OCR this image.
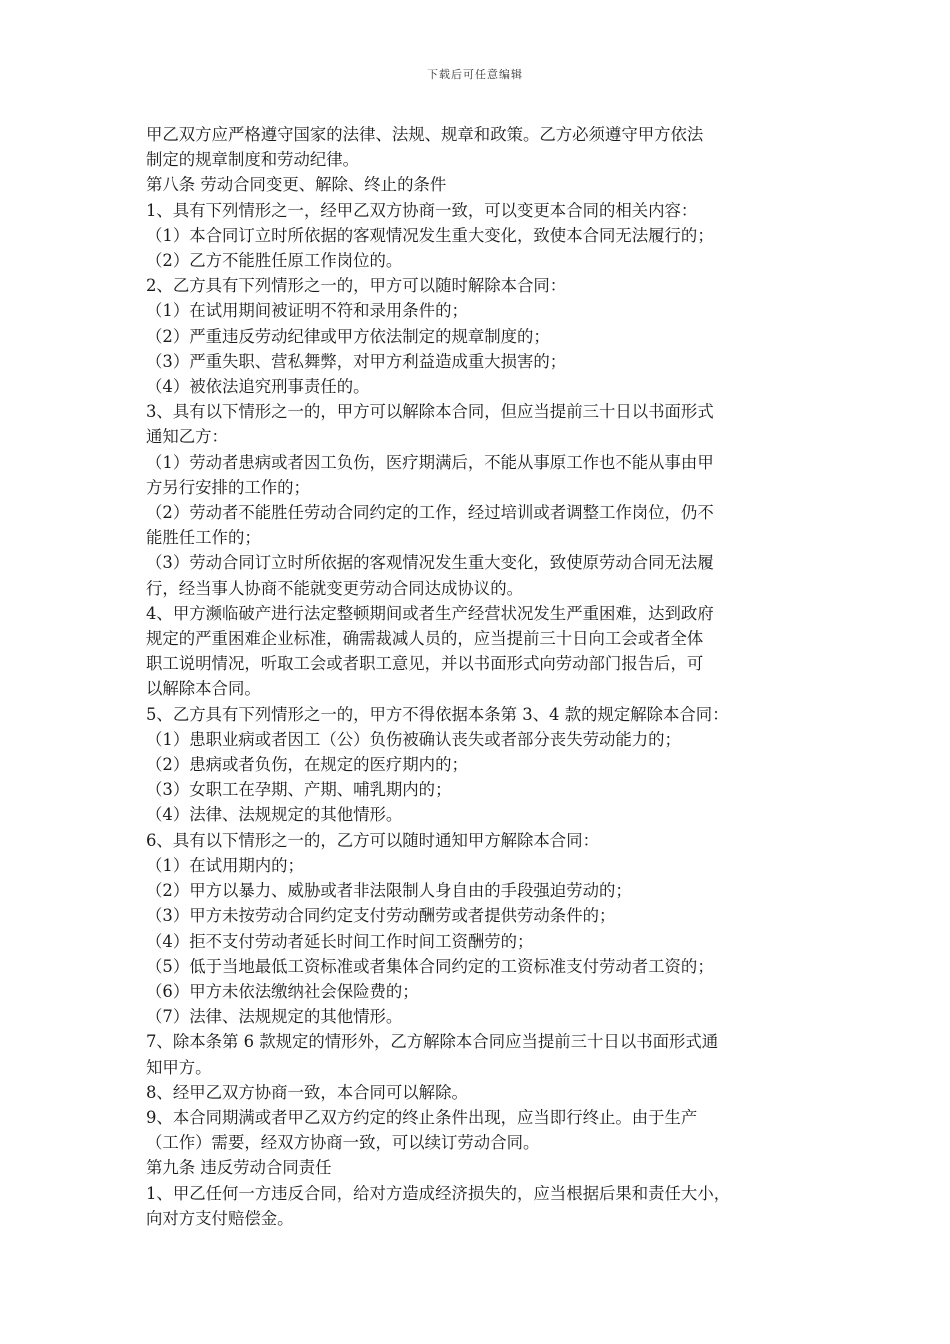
下载后可任意编辑
甲乙双方应严格遵守国家的法律、法规、规章和政策。乙方必须遵守甲方依法
制定的规章制度和劳动纪律。
第八条 劳动合同变更、解除、终止的条件
1、具有下列情形之一，经甲乙双方协商一致，可以变更本合同的相关内容：
（1）本合同订立时所依据的客观情况发生重大变化，致使本合同无法履行的；
（2）乙方不能胜任原工作岗位的。
2、乙方具有下列情形之一的，甲方可以随时解除本合同：
（1）在试用期间被证明不符和录用条件的；
（2）严重违反劳动纪律或甲方依法制定的规章制度的；
（3）严重失职、营私舞弊，对甲方利益造成重大损害的；
（4）被依法追究刑事责任的。
3、具有以下情形之一的，甲方可以解除本合同，但应当提前三十日以书面形式
通知乙方：
（1）劳动者患病或者因工负伤，医疗期满后，不能从事原工作也不能从事由甲
方另行安排的工作的；
（2）劳动者不能胜任劳动合同约定的工作，经过培训或者调整工作岗位，仍不
能胜任工作的；
（3）劳动合同订立时所依据的客观情况发生重大变化，致使原劳动合同无法履
行，经当事人协商不能就变更劳动合同达成协议的。
4、甲方濒临破产进行法定整顿期间或者生产经营状况发生严重困难，达到政府
规定的严重困难企业标准，确需裁减人员的，应当提前三十日向工会或者全体
职工说明情况，听取工会或者职工意见，并以书面形式向劳动部门报告后，可
以解除本合同。
5、乙方具有下列情形之一的，甲方不得依据本条第 3、4 款的规定解除本合同：
（1）患职业病或者因工（公）负伤被确认丧失或者部分丧失劳动能力的；
（2）患病或者负伤，在规定的医疗期内的；
（3）女职工在孕期、产期、哺乳期内的；
（4）法律、法规规定的其他情形。
6、具有以下情形之一的，乙方可以随时通知甲方解除本合同：
（1）在试用期内的；
（2）甲方以暴力、威胁或者非法限制人身自由的手段强迫劳动的；
（3）甲方未按劳动合同约定支付劳动酬劳或者提供劳动条件的；
（4）拒不支付劳动者延长时间工作时间工资酬劳的；
（5）低于当地最低工资标准或者集体合同约定的工资标准支付劳动者工资的；
（6）甲方未依法缴纳社会保险费的；
（7）法律、法规规定的其他情形。
7、除本条第 6 款规定的情形外，乙方解除本合同应当提前三十日以书面形式通
知甲方。
8、经甲乙双方协商一致，本合同可以解除。
9、本合同期满或者甲乙双方约定的终止条件出现，应当即行终止。由于生产
（工作）需要，经双方协商一致，可以续订劳动合同。
第九条 违反劳动合同责任
1、甲乙任何一方违反合同，给对方造成经济损失的，应当根据后果和责任大小，
向对方支付赔偿金。
